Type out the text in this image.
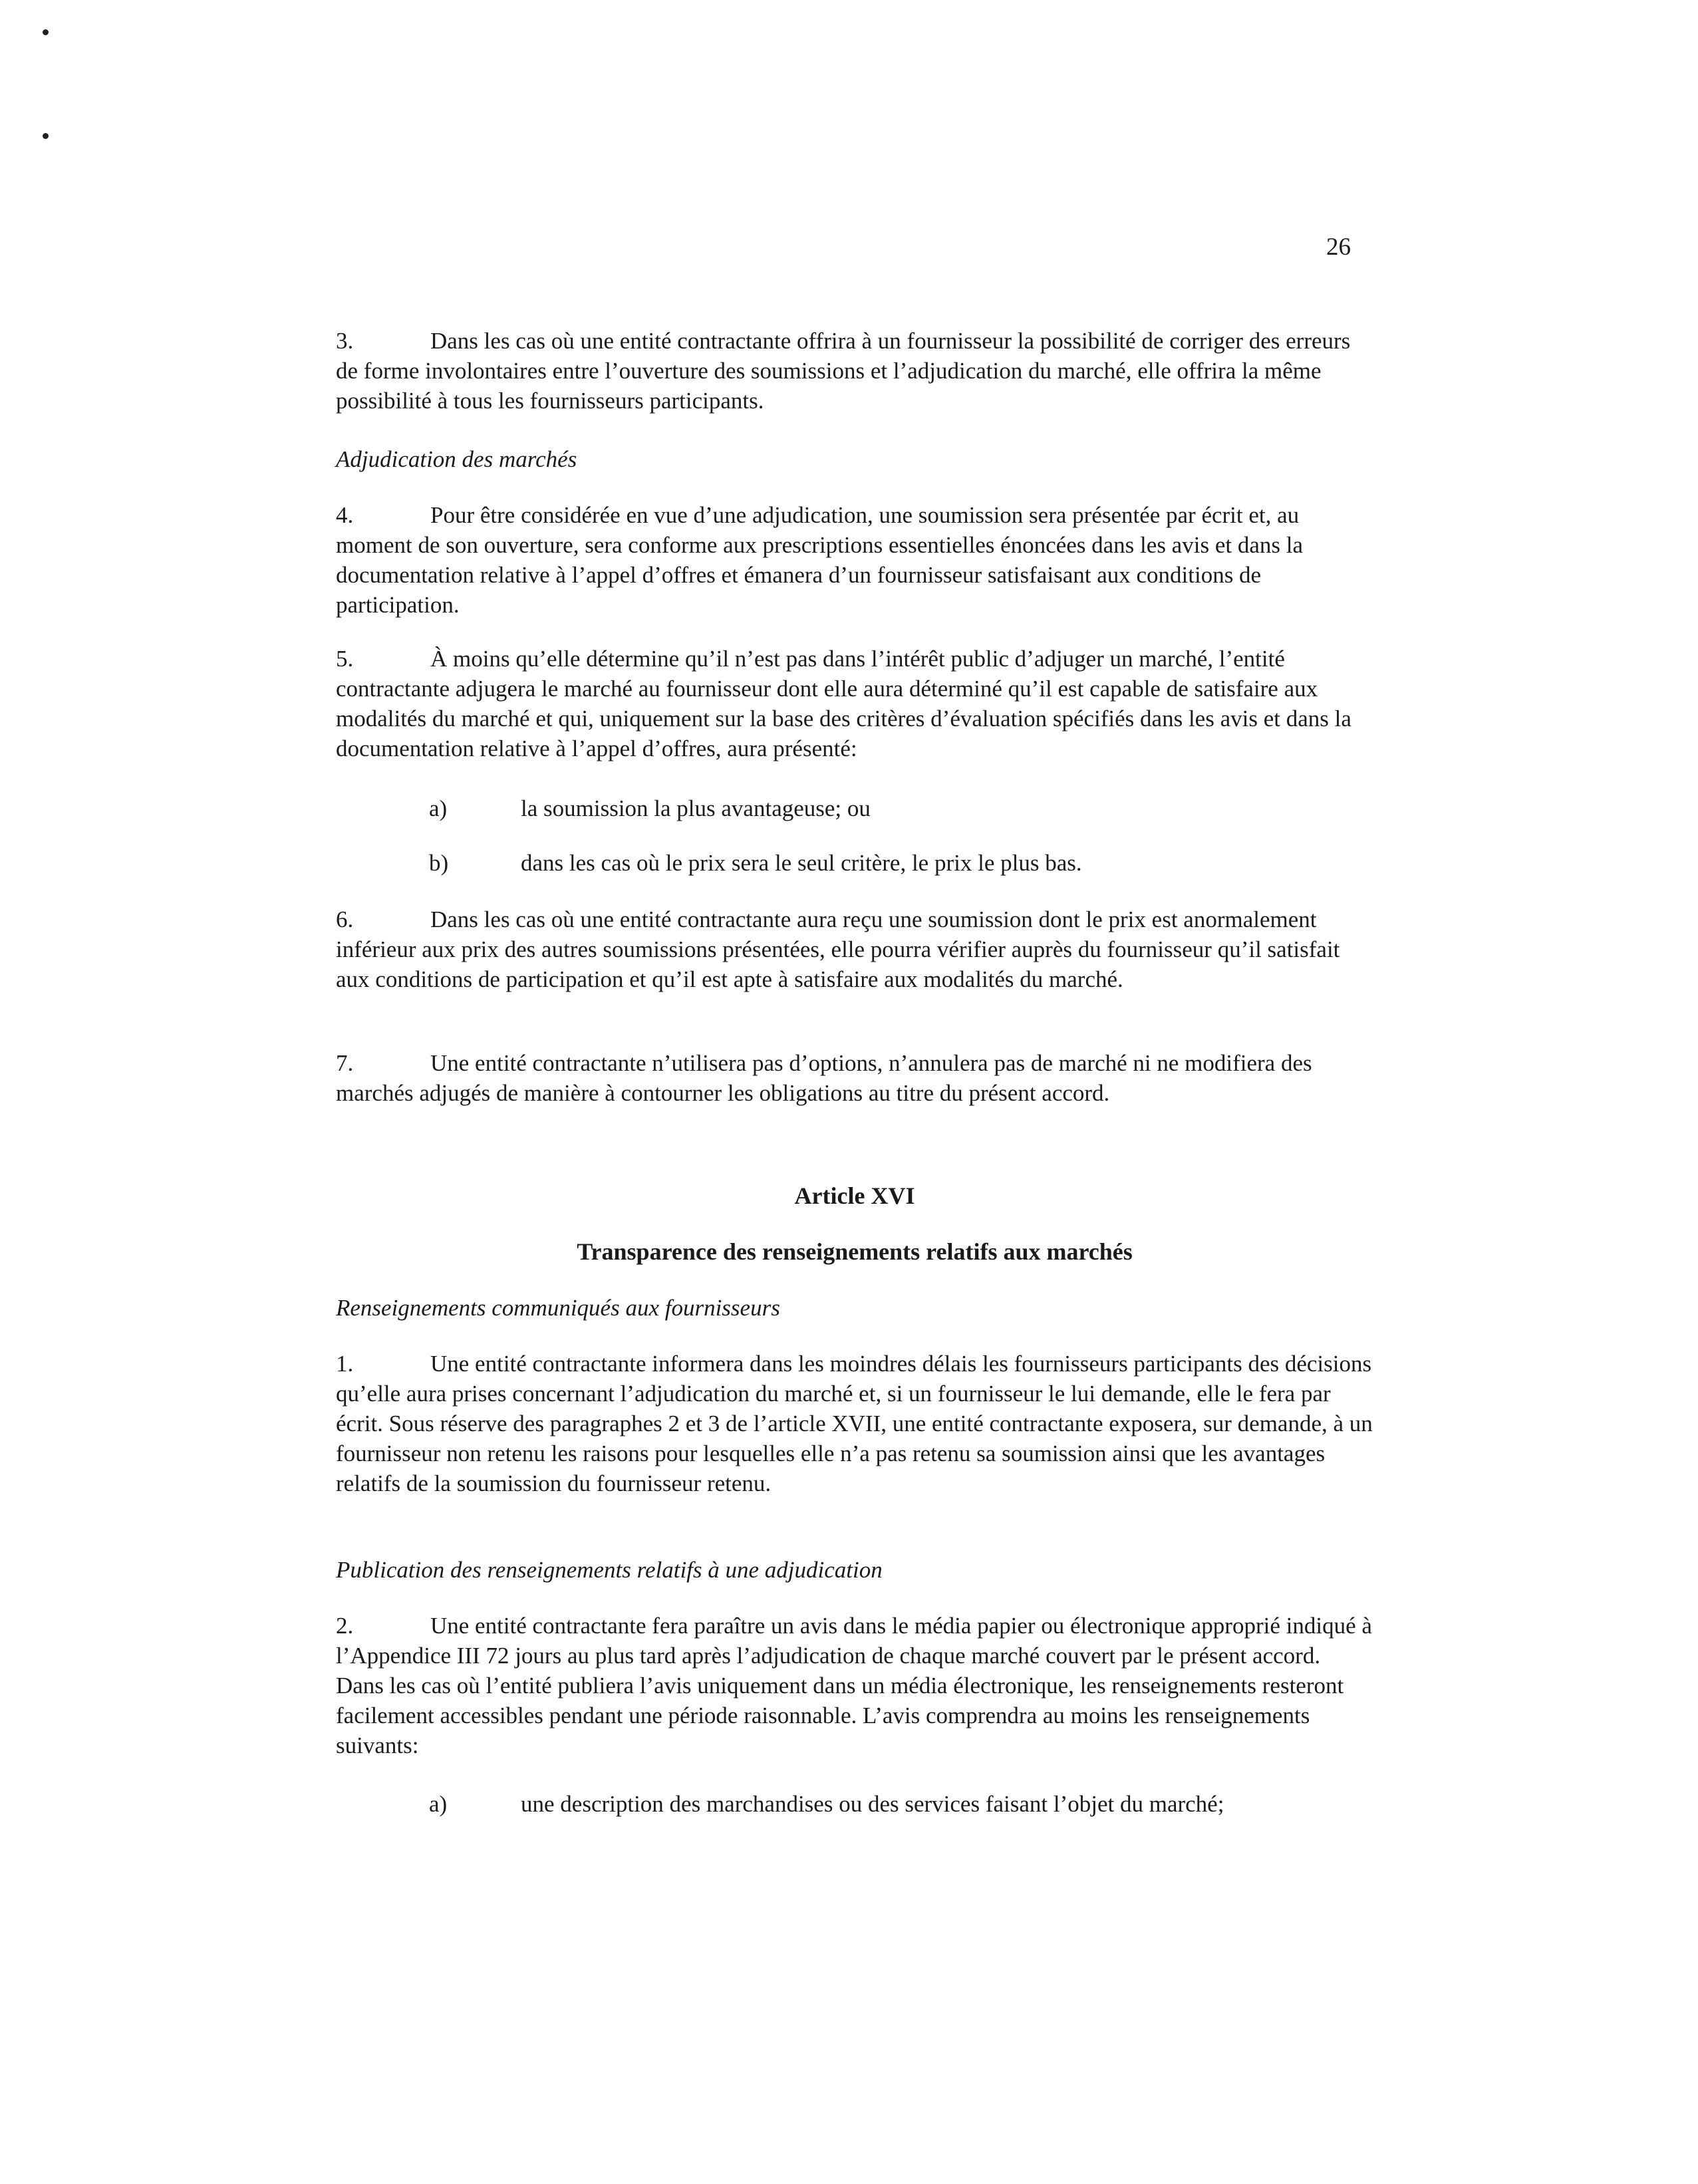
26

3.	Dans les cas où une entité contractante offrira à un fournisseur la possibilité de corriger des erreurs de forme involontaires entre l’ouverture des soumissions et l’adjudication du marché, elle offrira la même possibilité à tous les fournisseurs participants.

Adjudication des marchés

4.	Pour être considérée en vue d’une adjudication, une soumission sera présentée par écrit et, au moment de son ouverture, sera conforme aux prescriptions essentielles énoncées dans les avis et dans la documentation relative à l’appel d’offres et émanera d’un fournisseur satisfaisant aux conditions de participation.

5.	À moins qu’elle détermine qu’il n’est pas dans l’intérêt public d’adjuger un marché, l’entité contractante adjugera le marché au fournisseur dont elle aura déterminé qu’il est capable de satisfaire aux modalités du marché et qui, uniquement sur la base des critères d’évaluation spécifiés dans les avis et dans la documentation relative à l’appel d’offres, aura présenté:

a)	la soumission la plus avantageuse; ou
b)	dans les cas où le prix sera le seul critère, le prix le plus bas.

6.	Dans les cas où une entité contractante aura reçu une soumission dont le prix est anormalement inférieur aux prix des autres soumissions présentées, elle pourra vérifier auprès du fournisseur qu’il satisfait aux conditions de participation et qu’il est apte à satisfaire aux modalités du marché.

7.	Une entité contractante n’utilisera pas d’options, n’annulera pas de marché ni ne modifiera des marchés adjugés de manière à contourner les obligations au titre du présent accord.

Article XVI
Transparence des renseignements relatifs aux marchés
Renseignements communiqués aux fournisseurs

1.	Une entité contractante informera dans les moindres délais les fournisseurs participants des décisions qu’elle aura prises concernant l’adjudication du marché et, si un fournisseur le lui demande, elle le fera par écrit. Sous réserve des paragraphes 2 et 3 de l’article XVII, une entité contractante exposera, sur demande, à un fournisseur non retenu les raisons pour lesquelles elle n’a pas retenu sa soumission ainsi que les avantages relatifs de la soumission du fournisseur retenu.

Publication des renseignements relatifs à une adjudication

2.	Une entité contractante fera paraître un avis dans le média papier ou électronique approprié indiqué à l’Appendice III 72 jours au plus tard après l’adjudication de chaque marché couvert par le présent accord. Dans les cas où l’entité publiera l’avis uniquement dans un média électronique, les renseignements resteront facilement accessibles pendant une période raisonnable. L’avis comprendra au moins les renseignements suivants:

a)	une description des marchandises ou des services faisant l’objet du marché;
